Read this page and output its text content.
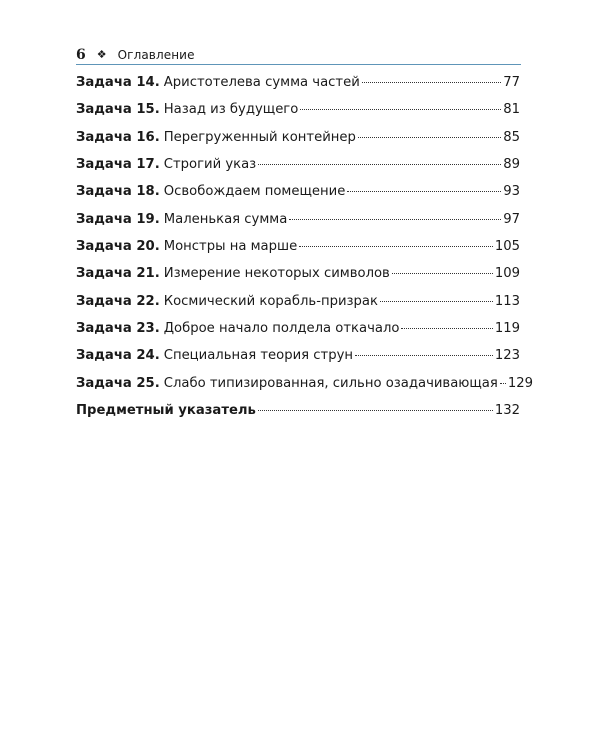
6 ❖ Оглавление
Задача 14. Аристотелева сумма частей	77
Задача 15. Назад из будущего	81
Задача 16. Перегруженный контейнер	85
Задача 17. Строгий указ	89
Задача 18. Освобождаем помещение	93
Задача 19. Маленькая сумма	97
Задача 20. Монстры на марше	105
Задача 21. Измерение некоторых символов	109
Задача 22. Космический корабль-призрак	113
Задача 23. Доброе начало полдела откачало	119
Задача 24. Специальная теория струн	123
Задача 25. Слабо типизированная, сильно озадачивающая 129
Предметный указатель	132
